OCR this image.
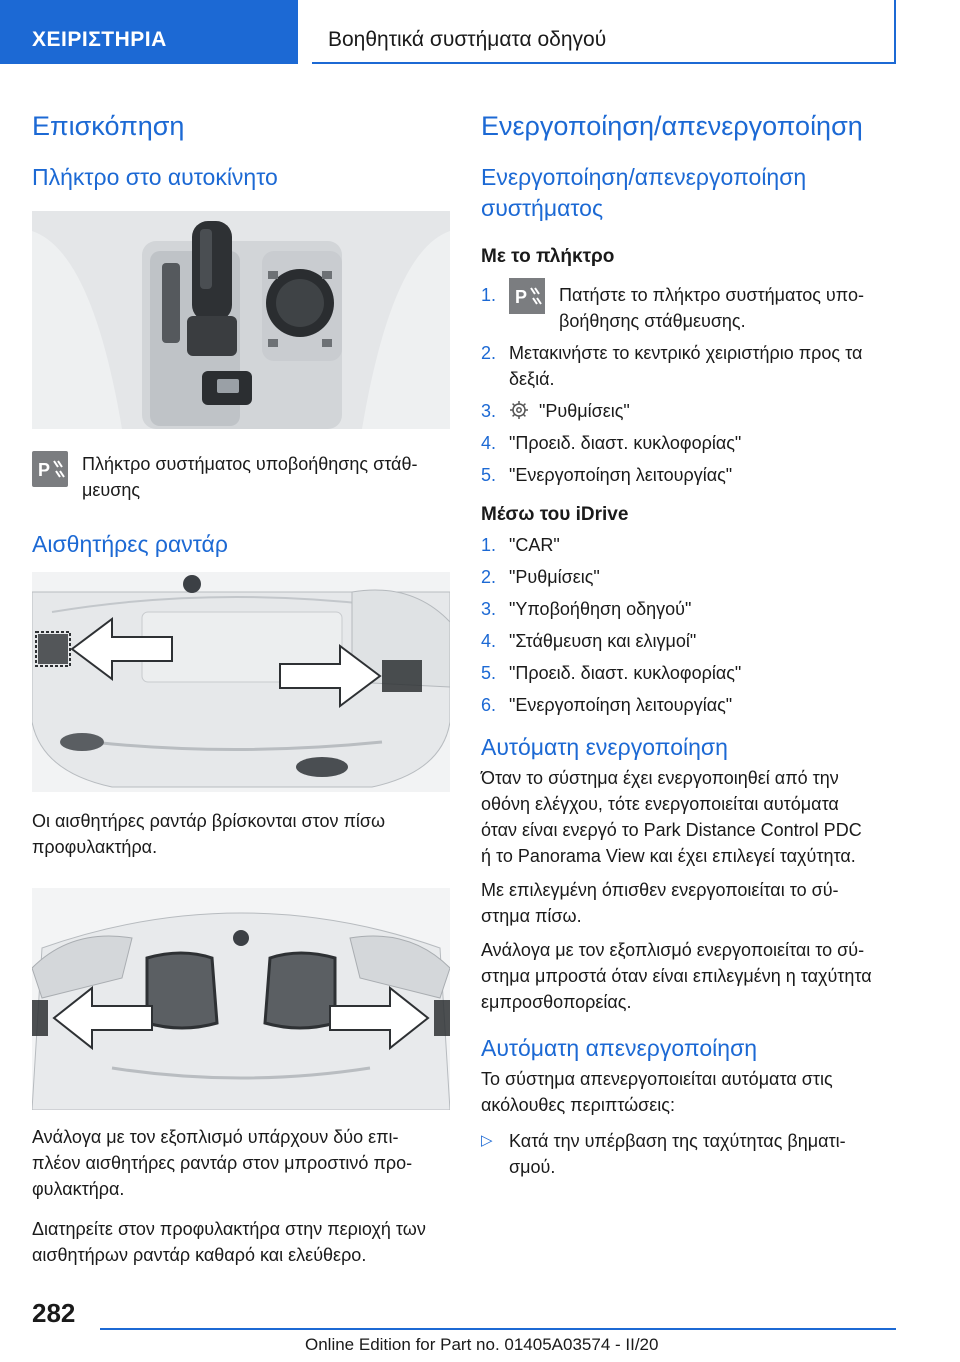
ΧΕΙΡΙΣΤΗΡΙΑ	Βοηθητικά συστήματα οδηγού
Επισκόπηση
Πλήκτρο στο αυτοκίνητο
P Πλήκτρο συστήματος υποβοήθησης στάθ-
μευσης

Αισθητήρες ραντάρ

Οι αισθητήρες ραντάρ βρίσκονται στον πίσω
προφυλακτήρα.

Ανάλογα με τον εξοπλισμό υπάρχουν δύο επι-
πλέον αισθητήρες ραντάρ στον μπροστινό προ-
φυλακτήρα.

Διατηρείτε στον προφυλακτήρα στην περιοχή των
αισθητήρων ραντάρ καθαρό και ελεύθερο.

Ενεργοποίηση/απενεργοποίηση
Ενεργοποίηση/απενεργοποίηση
συστήματος
Με το πλήκτρο
1.	P Πατήστε το πλήκτρο συστήματος υπο-
βοήθησης στάθμευσης.
2. Μετακινήστε το κεντρικό χειριστήριο προς τα
δεξιά.
3.	"Ρυθμίσεις"
4. "Προειδ. διαστ. κυκλοφορίας"
5. "Ενεργοποίηση λειτουργίας"
Μέσω του iDrive
1. "CAR"
2. "Ρυθμίσεις"
3. "Υποβοήθηση οδηγού"
4. "Στάθμευση και ελιγμοί"
5. "Προειδ. διαστ. κυκλοφορίας"
6. "Ενεργοποίηση λειτουργίας"
Αυτόματη ενεργοποίηση

Όταν το σύστημα έχει ενεργοποιηθεί από την
οθόνη ελέγχου, τότε ενεργοποιείται αυτόματα
όταν είναι ενεργό το Park Distance Control PDC
ή το Panorama View και έχει επιλεγεί ταχύτητα.

Με επιλεγμένη όπισθεν ενεργοποιείται το σύ-
στημα πίσω.

Ανάλογα με τον εξοπλισμό ενεργοποιείται το σύ-
στημα μπροστά όταν είναι επιλεγμένη η ταχύτητα
εμπροσθοπορείας.

Αυτόματη απενεργοποίηση

Το σύστημα απενεργοποιείται αυτόματα στις
ακόλουθες περιπτώσεις:

▷ Κατά την υπέρβαση της ταχύτητας βηματι-
σμού.
282
Online Edition for Part no. 01405A03574 - II/20
